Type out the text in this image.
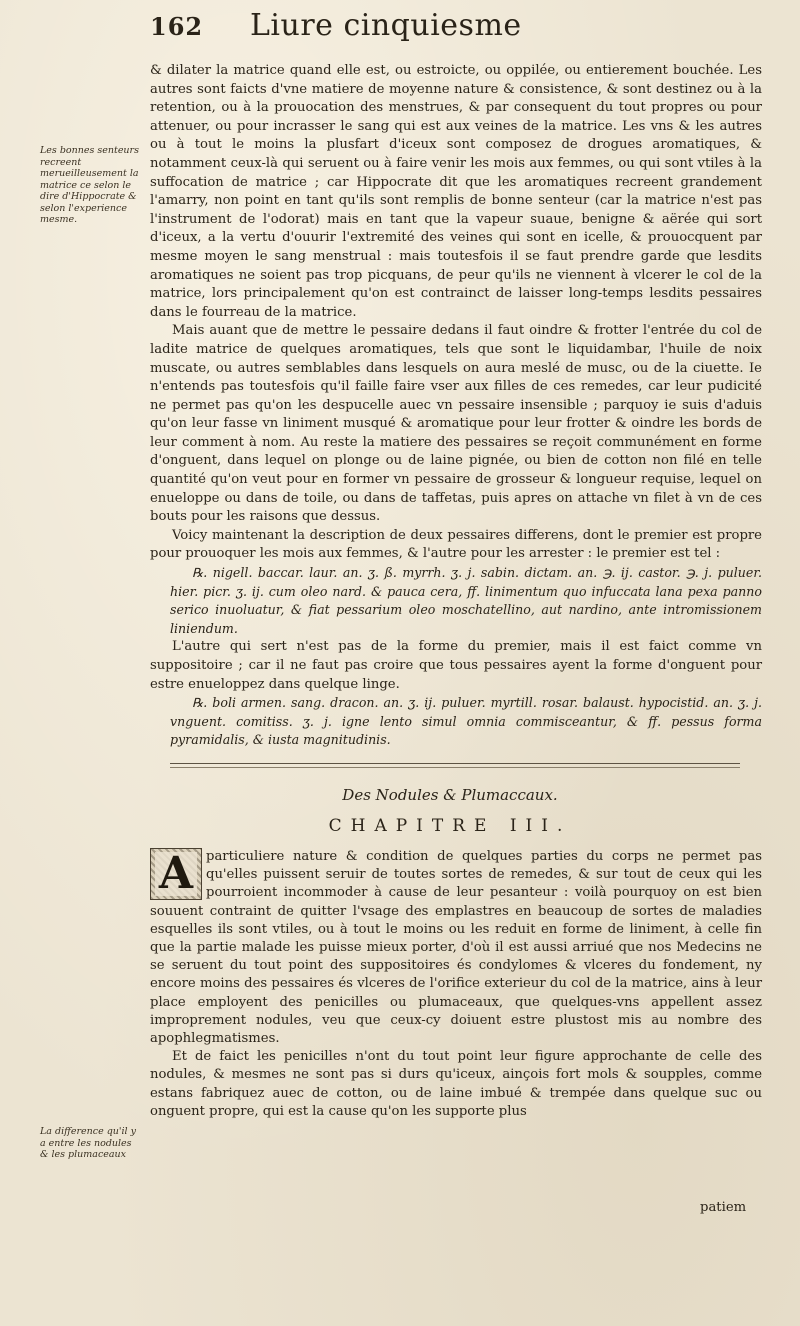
162 Liure cinquiesme
Les bonnes senteurs recreent merueilleusement la matrice ce selon le dire d'Hippocrate & selon l'experience mesme.

& dilater la matrice quand elle est, ou estroicte, ou oppilée, ou entierement bouchée. Les autres sont faicts d'vne matiere de moyenne nature & consistence, & sont destinez ou à la retention, ou à la prouocation des menstrues, & par consequent du tout propres ou pour attenuer, ou pour incrasser le sang qui est aux veines de la matrice. Les vns & les autres ou à tout le moins la plusfart d'iceux sont composez de drogues aromatiques, & notamment ceux-là qui seruent ou à faire venir les mois aux femmes, ou qui sont vtiles à la suffocation de matrice ; car Hippocrate dit que les aromatiques recreent grandement l'amarry, non point en tant qu'ils sont remplis de bonne senteur (car la matrice n'est pas l'instrument de l'odorat) mais en tant que la vapeur suaue, benigne & aërée qui sort d'iceux, a la vertu d'ouurir l'extremité des veines qui sont en icelle, & prouocquent par mesme moyen le sang menstrual : mais toutesfois il se faut prendre garde que lesdits aromatiques ne soient pas trop picquans, de peur qu'ils ne viennent à vlcerer le col de la matrice, lors principalement qu'on est contrainct de laisser long-temps lesdits pessaires dans le fourreau de la matrice.

Mais auant que de mettre le pessaire dedans il faut oindre & frotter l'entrée du col de ladite matrice de quelques aromatiques, tels que sont le liquidambar, l'huile de noix muscate, ou autres semblables dans lesquels on aura meslé de musc, ou de la ciuette. Ie n'entends pas toutesfois qu'il faille faire vser aux filles de ces remedes, car leur pudicité ne permet pas qu'on les despucelle auec vn pessaire insensible ; parquoy ie suis d'aduis qu'on leur fasse vn liniment musqué & aromatique pour leur frotter & oindre les bords de leur comment à nom. Au reste la matiere des pessaires se reçoit communément en forme d'onguent, dans lequel on plonge ou de laine pignée, ou bien de cotton non filé en telle quantité qu'on veut pour en former vn pessaire de grosseur & longueur requise, lequel on enueloppe ou dans de toile, ou dans de taffetas, puis apres on attache vn filet à vn de ces bouts pour les raisons que dessus.

Voicy maintenant la description de deux pessaires differens, dont le premier est propre pour prouoquer les mois aux femmes, & l'autre pour les arrester : le premier est tel :

℞. nigell. baccar. laur. an. ʒ. ß. myrrh. ʒ. j. sabin. dictam. an. ℈. ij. castor. ℈. j. puluer. hier. picr. ʒ. ij. cum oleo nard. & pauca cera, ff. linimentum quo infuccata lana pexa panno serico inuoluatur, & fiat pessarium oleo moschatellino, aut nardino, ante intromissionem liniendum.

L'autre qui sert n'est pas de la forme du premier, mais il est faict comme vn suppositoire ; car il ne faut pas croire que tous pessaires ayent la forme d'onguent pour estre enueloppez dans quelque linge.

℞. boli armen. sang. dracon. an. ʒ. ij. puluer. myrtill. rosar. balaust. hypocistid. an. ʒ. j. vnguent. comitiss. ʒ. j. igne lento simul omnia commisceantur, & ff. pessus forma pyramidalis, & iusta magnitudinis.

Des Nodules & Plumaccaux.
CHAPITRE III.

particuliere nature & condition de quelques parties du corps ne permet pas qu'elles puissent seruir de toutes sortes de remedes, & sur tout de ceux qui les pourroient incommoder à cause de leur pesanteur : voilà pourquoy on est bien souuent contraint de quitter l'vsage des emplastres en beaucoup de sortes de maladies esquelles ils sont vtiles, ou à tout le moins ou les reduit en forme de liniment, à celle fin que la partie malade les puisse mieux porter, d'où il est aussi arriué que nos Medecins ne se seruent du tout point des suppositoires és condylomes & vlceres du fondement, ny encore moins des pessaires és vlceres de l'orifice exterieur du col de la matrice, ains à leur place employent des penicilles ou plumaceaux, que quelques-vns appellent assez improprement nodules, veu que ceux-cy doiuent estre plustost mis au nombre des apophlegmatismes.

Et de faict les penicilles n'ont du tout point leur figure approchante de celle des nodules, & mesmes ne sont pas si durs qu'iceux, ainçois fort mols & soupples, comme estans fabriquez auec de cotton, ou de laine imbué & trempée dans quelque suc ou onguent propre, qui est la cause qu'on les supporte plus

A
La difference qu'il y a entre les nodules & les plumaceaux
patiem
